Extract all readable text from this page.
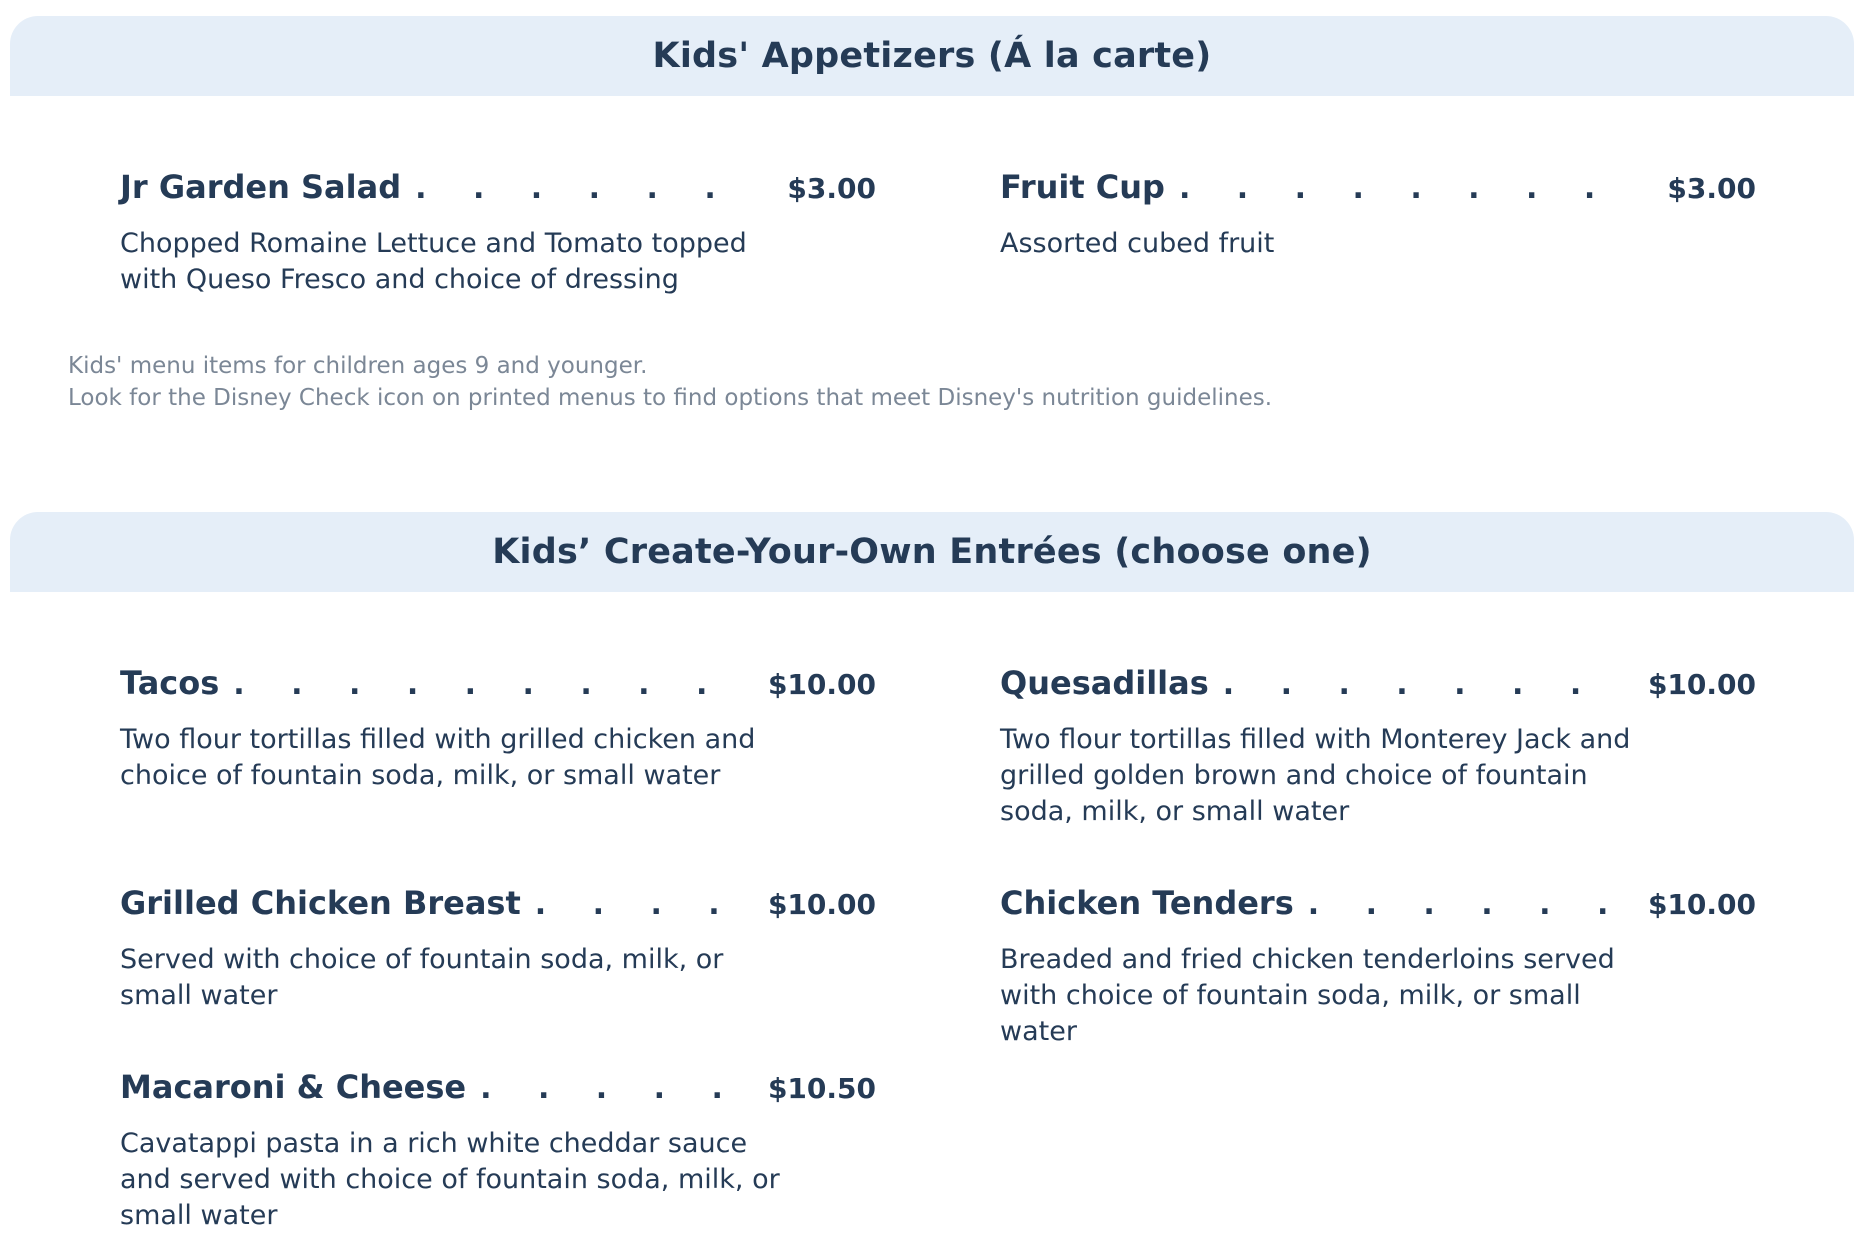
Kids' Appetizers (Á la carte)
Jr Garden Salad . . .	$3.00
Chopped Romaine Lettuce and Tomato topped with Queso Fresco and choice of dressing
Fruit Cup . . .	$3.00
Assorted cubed fruit
Kids' menu items for children ages 9 and younger.
Look for the Disney Check icon on printed menus to find options that meet Disney's nutrition guidelines.
Kids’ Create-Your-Own Entrées (choose one)
Tacos . . .	$10.00
Two flour tortillas filled with grilled chicken and choice of fountain soda, milk, or small water
Quesadillas . . .	$10.00
Two flour tortillas filled with Monterey Jack and grilled golden brown and choice of fountain soda, milk, or small water
Grilled Chicken Breast . . .	$10.00
Served with choice of fountain soda, milk, or small water
Chicken Tenders . . .	$10.00
Breaded and fried chicken tenderloins served with choice of fountain soda, milk, or small water
Macaroni & Cheese . . .	$10.50
Cavatappi pasta in a rich white cheddar sauce and served with choice of fountain soda, milk, or small water
